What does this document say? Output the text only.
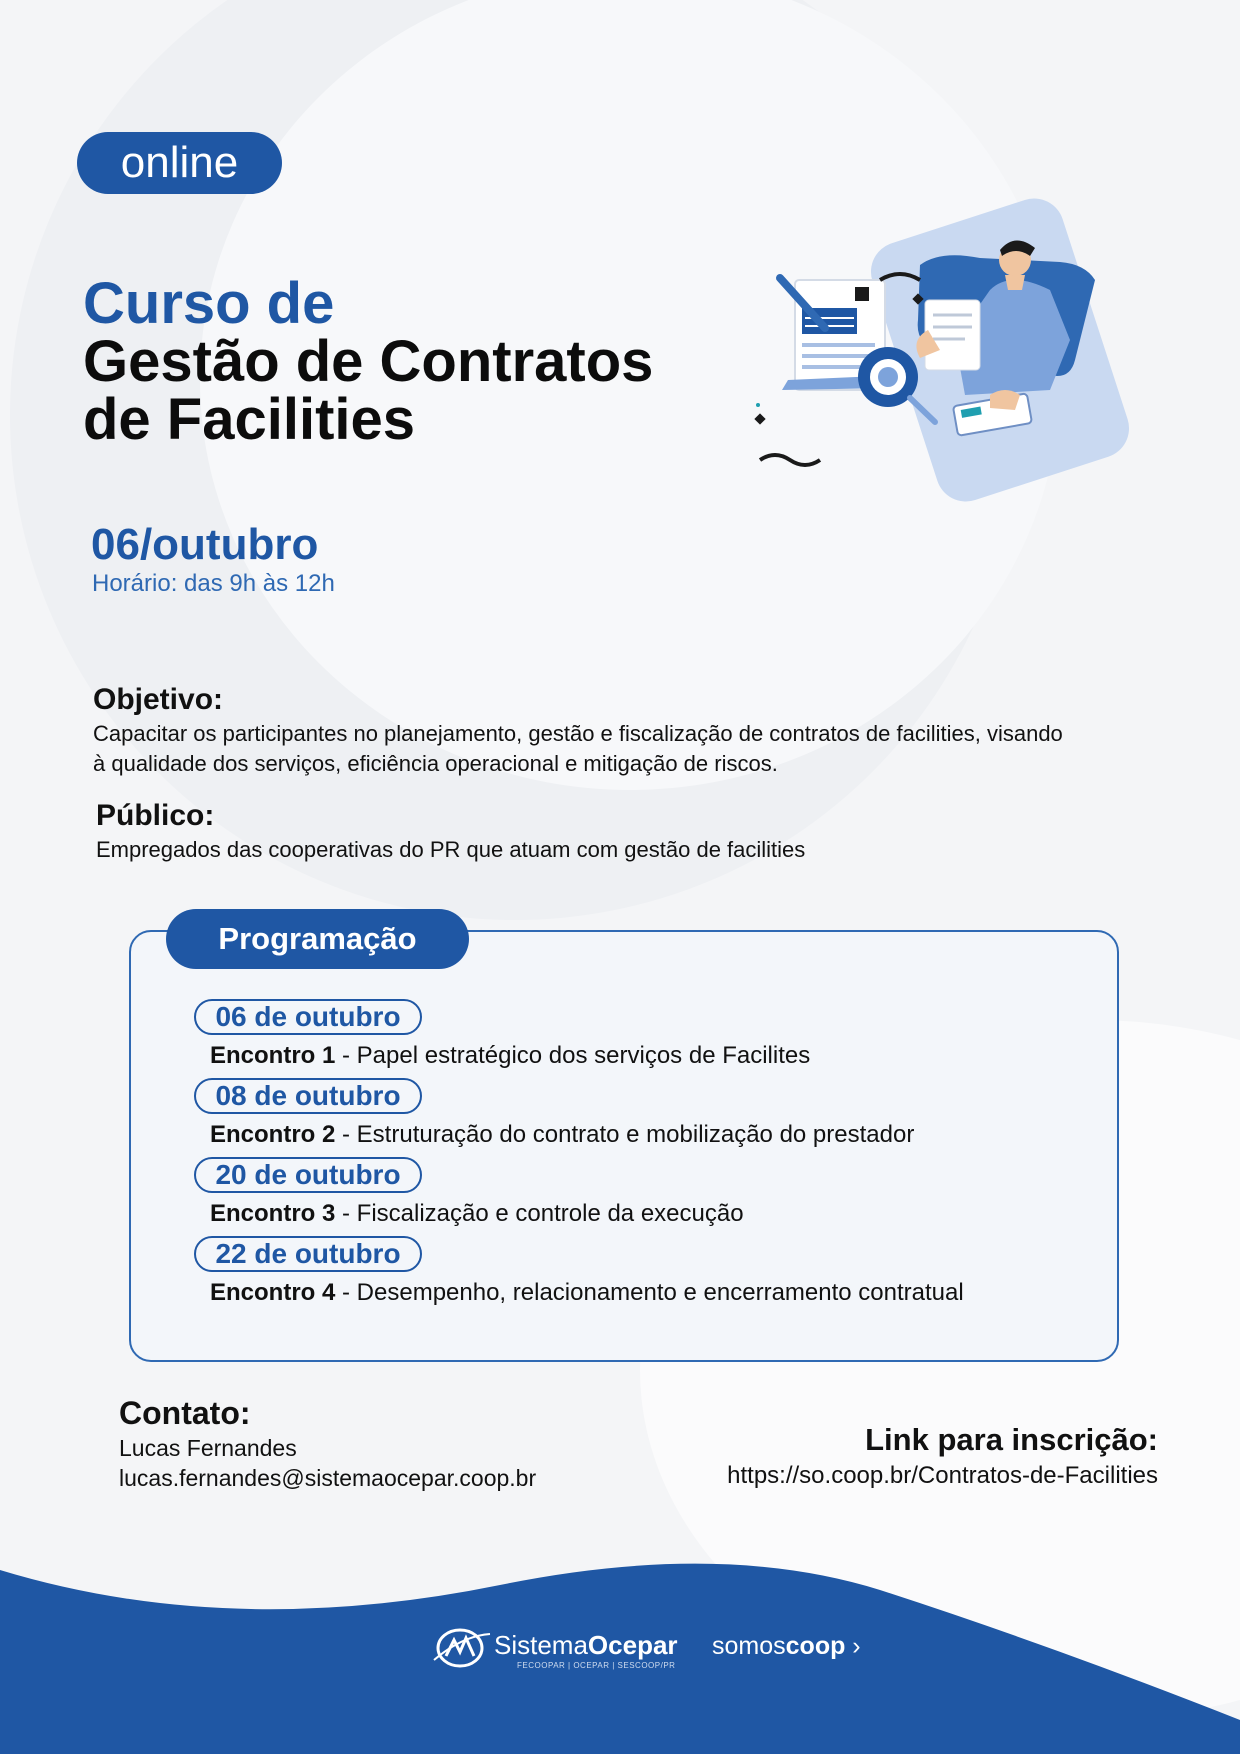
online
Curso de
Gestão de Contratos
de Facilities
06/outubro
Horário: das 9h às 12h
Objetivo:
Capacitar os participantes no planejamento, gestão e fiscalização de contratos de facilities, visando
à qualidade dos serviços, eficiência operacional e mitigação de riscos.
Público:
Empregados das cooperativas do PR que atuam com gestão de facilities
Programação
06 de outubro
Encontro 1 - Papel estratégico dos serviços de Facilites
08 de outubro
Encontro 2 - Estruturação do contrato e mobilização do prestador
20 de outubro
Encontro 3 - Fiscalização e controle da execução
22 de outubro
Encontro 4 - Desempenho, relacionamento e encerramento contratual
Contato:
Lucas Fernandes
lucas.fernandes@sistemaocepar.coop.br
Link para inscrição:
https://so.coop.br/Contratos-de-Facilities
SistemaOcepar
FECOOPAR | OCEPAR | SESCOOP/PR
somoscoop ›
